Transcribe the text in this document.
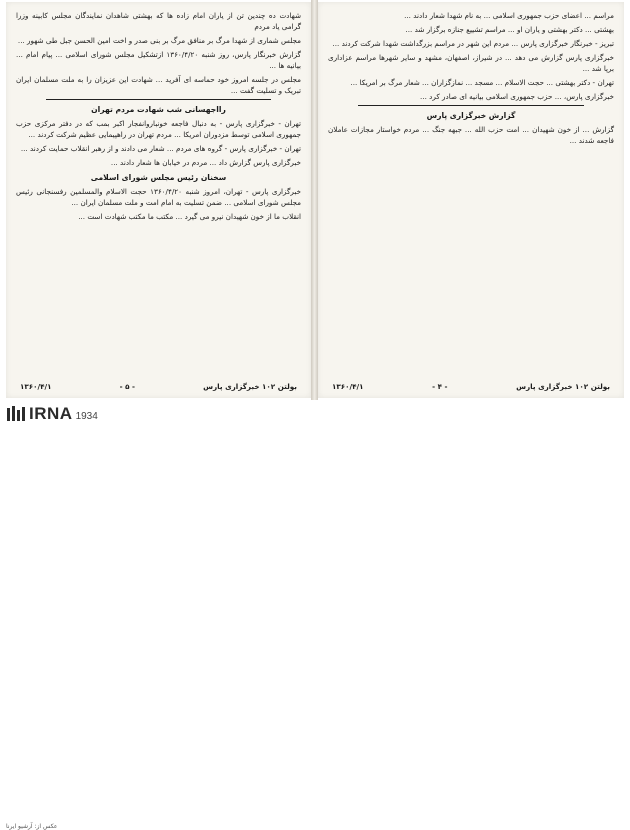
شهادت ده چندین تن از یاران امام زاده ها که بهشتی شاهدان نمایندگان مجلس کابینه وزرا گرامی یاد مردم

مجلس شماری از شهدا مرگ بر منافق مرگ بر بنی صدر و اخت امین الحسن جبل طی شهور ...

گزارش خبرنگار پارس، روز شنبه ۱۳۶۰/۴/۲۰ ازتشکیل مجلس شورای اسلامی ... پیام امام ... بیانیه ها ...

مجلس در جلسه امروز خود حماسه ای آفرید ... شهادت این عزیزان را به ملت مسلمان ایران تبریک و تسلیت گفت ...

رااجهسانی شب شهادت مردم تهران

تهران - خبرگزاری پارس - به دنبال فاجعه خونباروانفجار اکبر بمب که در دفتر مرکزی حزب جمهوری اسلامی توسط مزدوران امریکا ... مردم تهران در راهپیمایی عظیم شرکت کردند ...

تهران - خبرگزاری پارس - گروه های مردم ... شعار می دادند و از رهبر انقلاب حمایت کردند ...

خبرگزاری پارس گزارش داد ... مردم در خیابان ها شعار دادند ...

سخنان رئیس مجلس شورای اسلامی

خبرگزاری پارس - تهران، امروز شنبه ۱۳۶۰/۴/۲۰ حجت الاسلام والمسلمین رفسنجانی رئیس مجلس شورای اسلامی ... ضمن تسلیت به امام امت و ملت مسلمان ایران ...

انقلاب ما از خون شهیدان نیرو می گیرد ... مکتب ما مکتب شهادت است ...

بولتن ۱۰۲ خبرگزاری پارس
- ۵ -
۱۳۶۰/۴/۱

مراسم ... اعضای حزب جمهوری اسلامی ... به نام شهدا شعار دادند ...

بهشتی ... دکتر بهشتی و یاران او ... مراسم تشییع جنازه برگزار شد ...

تبریز - خبرنگار خبرگزاری پارس ... مردم این شهر در مراسم بزرگداشت شهدا شرکت کردند ...

خبرگزاری پارس گزارش می دهد ... در شیراز، اصفهان، مشهد و سایر شهرها مراسم عزاداری برپا شد ...

تهران - دکتر بهشتی ... حجت الاسلام ... مسجد ... نمازگزاران ... شعار مرگ بر امریکا ...

خبرگزاری پارس، ... حزب جمهوری اسلامی بیانیه ای صادر کرد ...

گزارش خبرگزاری پارس

گزارش ... از خون شهیدان ... امت حزب الله ... جبهه جنگ ... مردم خواستار مجازات عاملان فاجعه شدند ...

بولتن ۱۰۲ خبرگزاری پارس
- ۴ -
۱۳۶۰/۴/۱
IRNA 1934
عکس از: آرشیو ایرنا
